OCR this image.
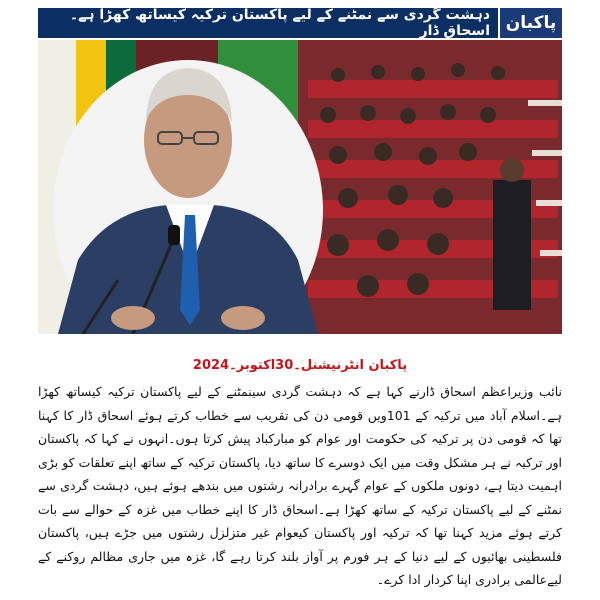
دہشت گردی سے نمٹنے کے لیے پاکستان ترکیہ کیساتھ کھڑا ہے۔اسحاق ڈار پاکبان
پاکبان انٹرنیشنل۔30اکتوبر۔2024

نائب وزیراعظم اسحاق ڈارنے کہا ہے کہ دہشت گردی سینمٹنے کے لیے پاکستان ترکیہ کیساتھ کھڑا ہے۔اسلام آباد میں ترکیہ کے 101ویں قومی دن کی تقریب سے خطاب کرتے ہوئے اسحاق ڈار کا کہنا تھا کہ قومی دن پر ترکیہ کی حکومت اور عوام کو مبارکباد پیش کرتا ہوں۔انہوں نے کہا کہ پاکستان اور ترکیہ نے ہر مشکل وقت میں ایک دوسرے کا ساتھ دیا، پاکستان ترکیہ کے ساتھ اپنے تعلقات کو بڑی اہمیت دیتا ہے، دونوں ملکوں کے عوام گہرے برادرانہ رشتوں میں بندھے ہوئے ہیں، دہشت گردی سے نمٹنے کے لیے پاکستان ترکیہ کے ساتھ کھڑا ہے۔اسحاق ڈار کا اپنے خطاب میں غزہ کے حوالے سے بات کرتے ہوئے مزید کہنا تھا کہ ترکیہ اور پاکستان کیعوام غیر متزلزل رشتوں میں جڑے ہیں، پاکستان فلسطینی بھائیوں کے لیے دنیا کے ہر فورم پر آواز بلند کرتا رہے گا، غزہ میں جاری مظالم روکنے کے لیےعالمی برادری اپنا کردار ادا کرے۔
